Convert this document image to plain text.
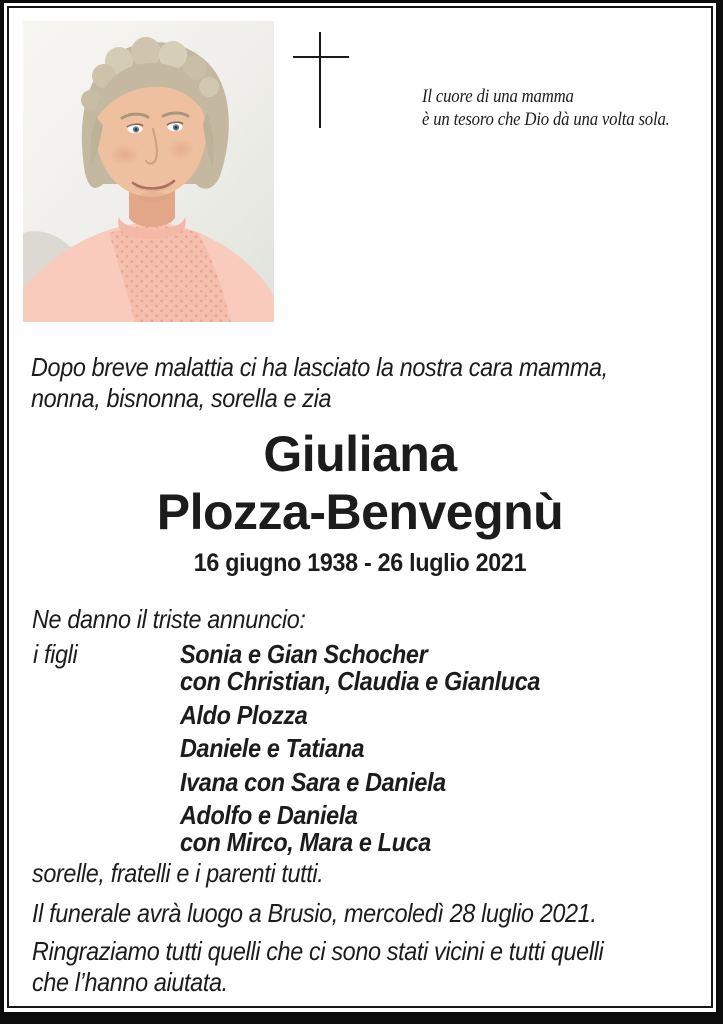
Il cuore di una mamma
è un tesoro che Dio dà una volta sola.
Dopo breve malattia ci ha lasciato la nostra cara mamma,
nonna, bisnonna, sorella e zia
Giuliana
Plozza-Benvegnù
16 giugno 1938 - 26 luglio 2021
Ne danno il triste annuncio:
i figli	Sonia e Gian Schocher
con Christian, Claudia e Gianluca
Aldo Plozza
Daniele e Tatiana
Ivana con Sara e Daniela
Adolfo e Daniela
con Mirco, Mara e Luca
sorelle, fratelli e i parenti tutti.
Il funerale avrà luogo a Brusio, mercoledì 28 luglio 2021.
Ringraziamo tutti quelli che ci sono stati vicini e tutti quelli
che l’hanno aiutata.
